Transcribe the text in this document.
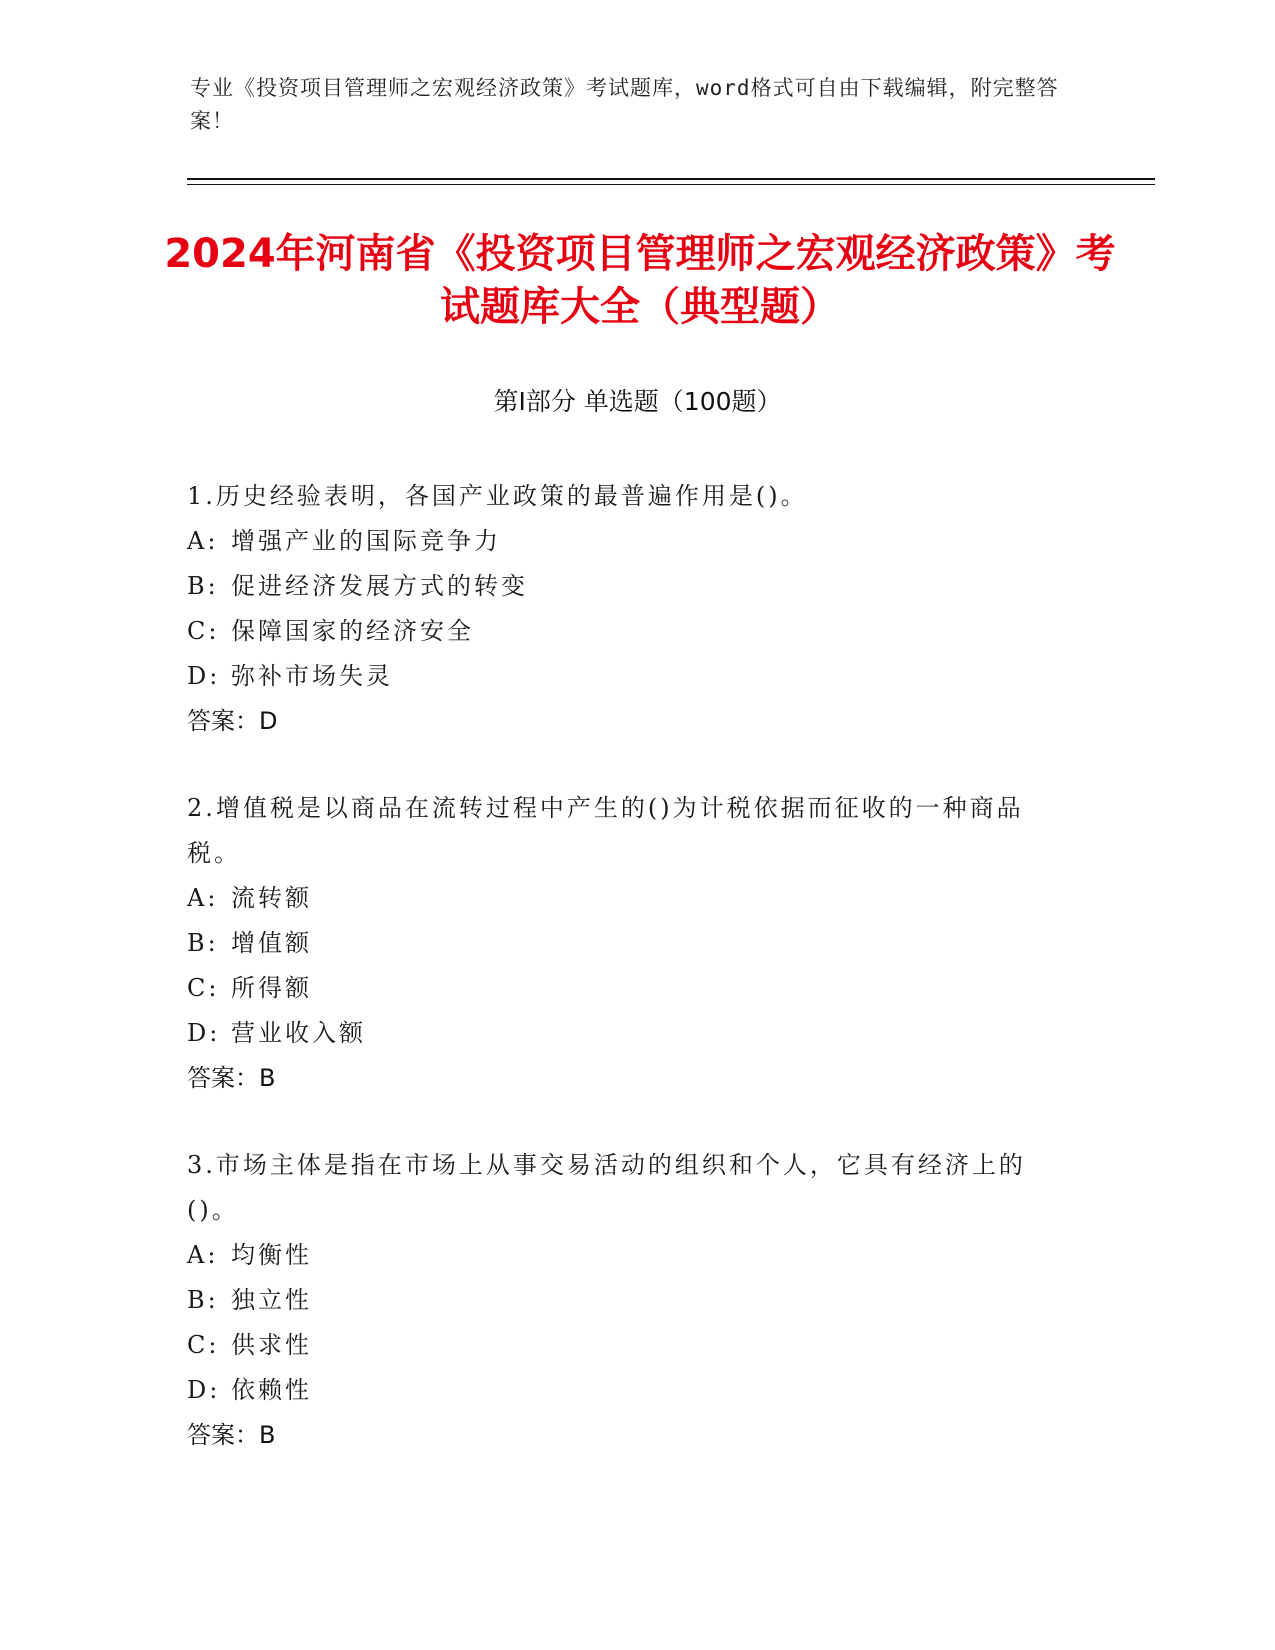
专业《投资项目管理师之宏观经济政策》考试题库，word格式可自由下载编辑，附完整答案！
2024年河南省《投资项目管理师之宏观经济政策》考试题库大全（典型题）
第I部分 单选题（100题）
1.历史经验表明，各国产业政策的最普遍作用是()。
A: 增强产业的国际竞争力
B: 促进经济发展方式的转变
C: 保障国家的经济安全
D: 弥补市场失灵
答案：D
2.增值税是以商品在流转过程中产生的()为计税依据而征收的一种商品税。
A: 流转额
B: 增值额
C: 所得额
D: 营业收入额
答案：B
3.市场主体是指在市场上从事交易活动的组织和个人，它具有经济上的()。
A: 均衡性
B: 独立性
C: 供求性
D: 依赖性
答案：B
